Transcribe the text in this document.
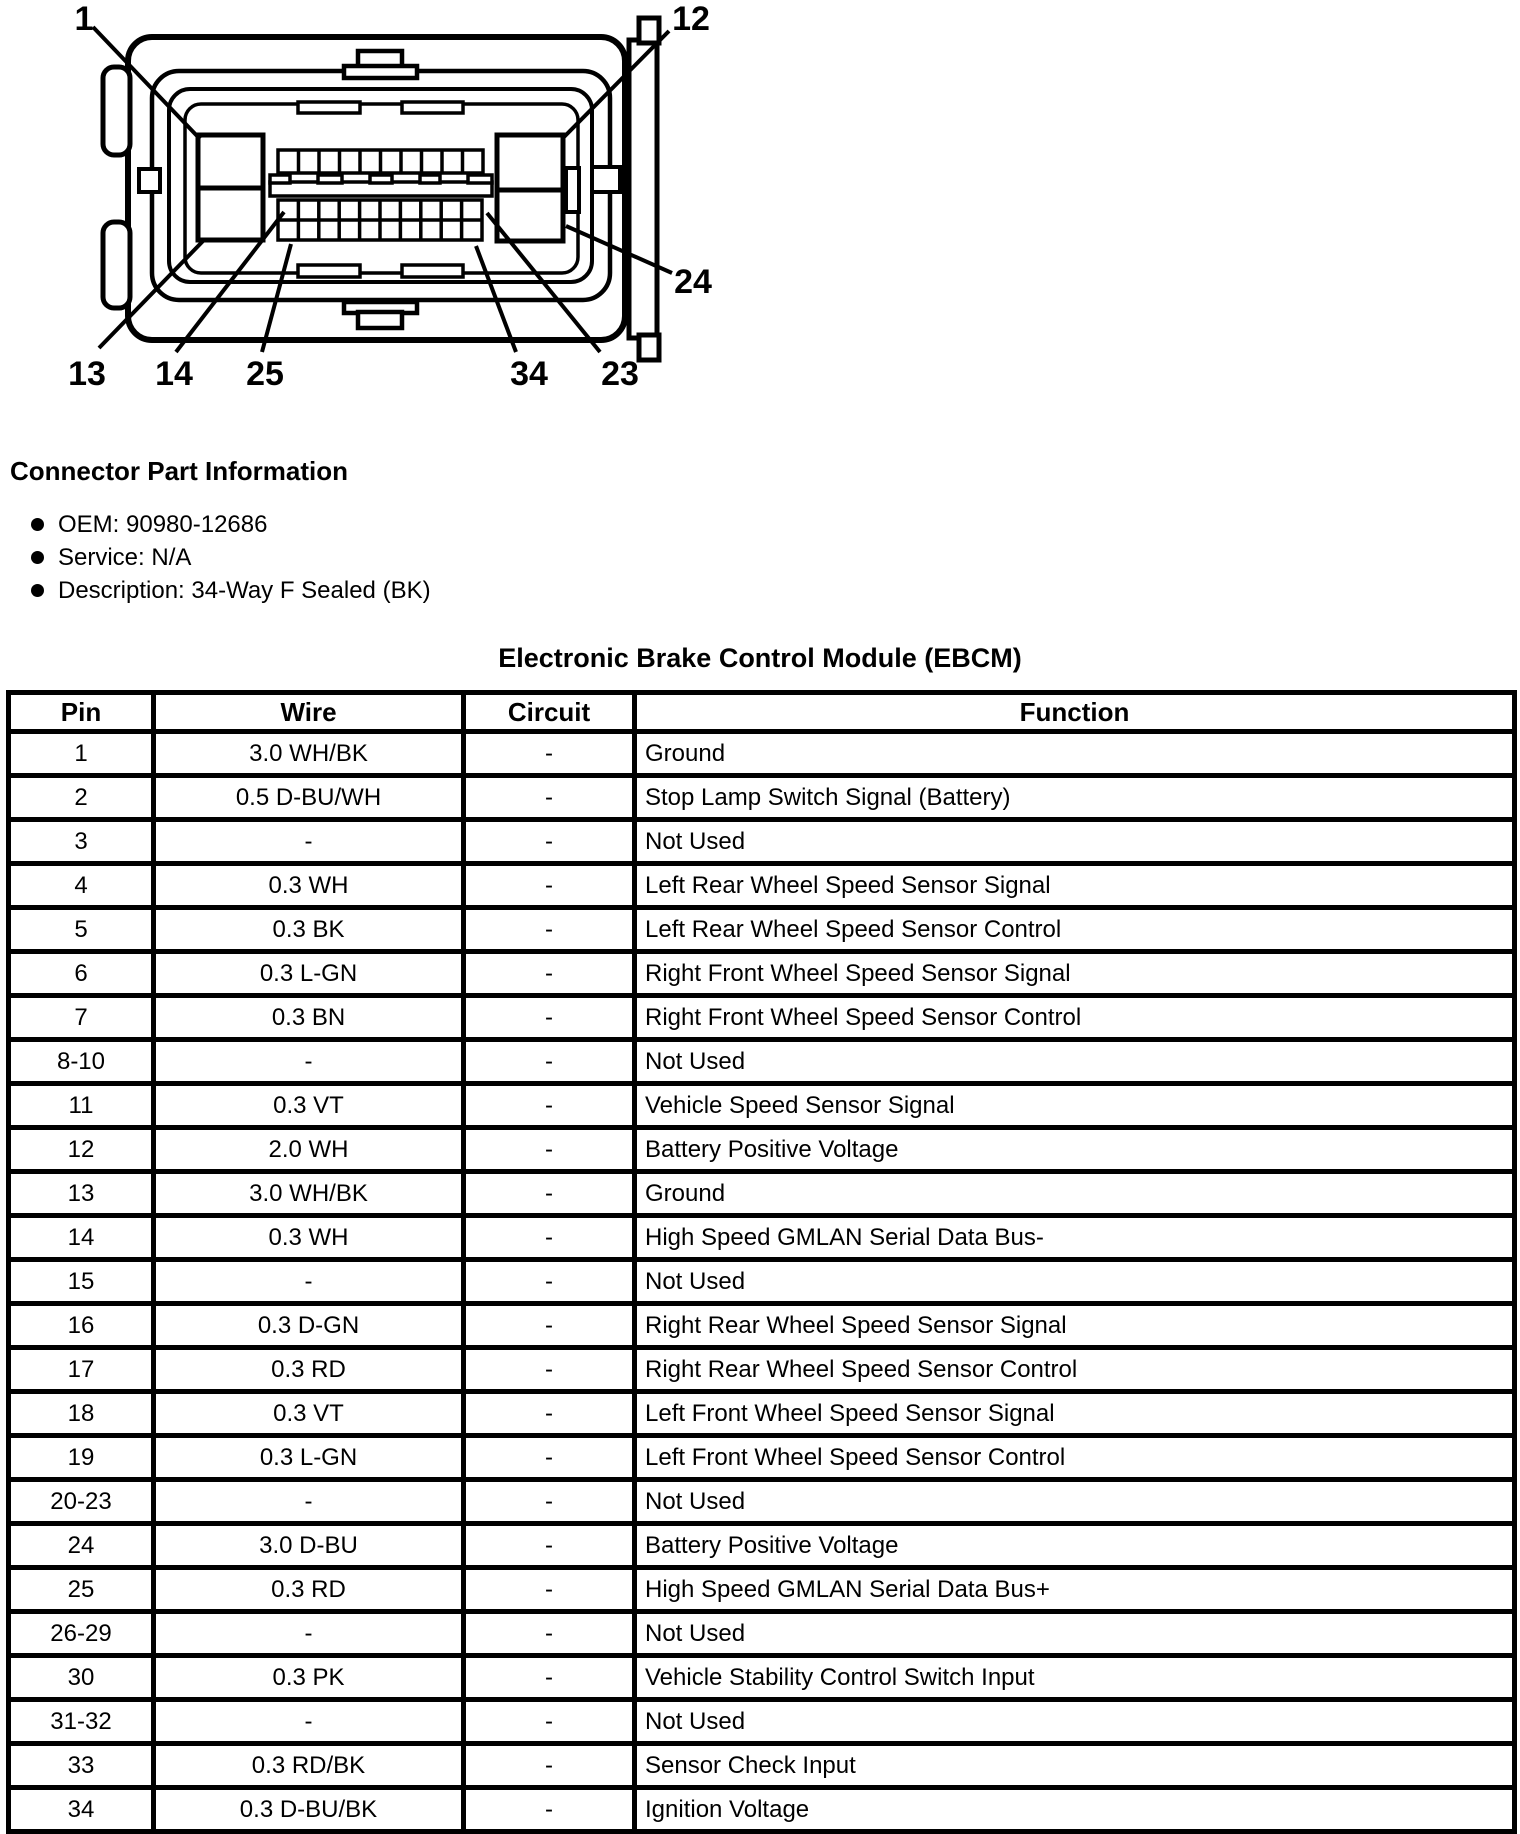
1	12
13 14 25	34 23
24
Connector Part Information
OEM: 90980-12686
Service: N/A
Description: 34-Way F Sealed (BK)
Electronic Brake Control Module (EBCM)
Pin	Wire	Circuit	Function
1	3.0 WH/BK	-	Ground
2	0.5 D-BU/WH	-	Stop Lamp Switch Signal (Battery)
3	-	-	Not Used
4	0.3 WH	-	Left Rear Wheel Speed Sensor Signal
5	0.3 BK	-	Left Rear Wheel Speed Sensor Control
6	0.3 L-GN	-	Right Front Wheel Speed Sensor Signal
7	0.3 BN	-	Right Front Wheel Speed Sensor Control
8-10	-	-	Not Used
11	0.3 VT	-	Vehicle Speed Sensor Signal
12	2.0 WH	-	Battery Positive Voltage
13	3.0 WH/BK	-	Ground
14	0.3 WH	-	High Speed GMLAN Serial Data Bus-
15	-	-	Not Used
16	0.3 D-GN	-	Right Rear Wheel Speed Sensor Signal
17	0.3 RD	-	Right Rear Wheel Speed Sensor Control
18	0.3 VT	-	Left Front Wheel Speed Sensor Signal
19	0.3 L-GN	-	Left Front Wheel Speed Sensor Control
20-23	-	-	Not Used
24	3.0 D-BU	-	Battery Positive Voltage
25	0.3 RD	-	High Speed GMLAN Serial Data Bus+
26-29	-	-	Not Used
30	0.3 PK	-	Vehicle Stability Control Switch Input
31-32	-	-	Not Used
33	0.3 RD/BK	-	Sensor Check Input
34	0.3 D-BU/BK	-	Ignition Voltage
